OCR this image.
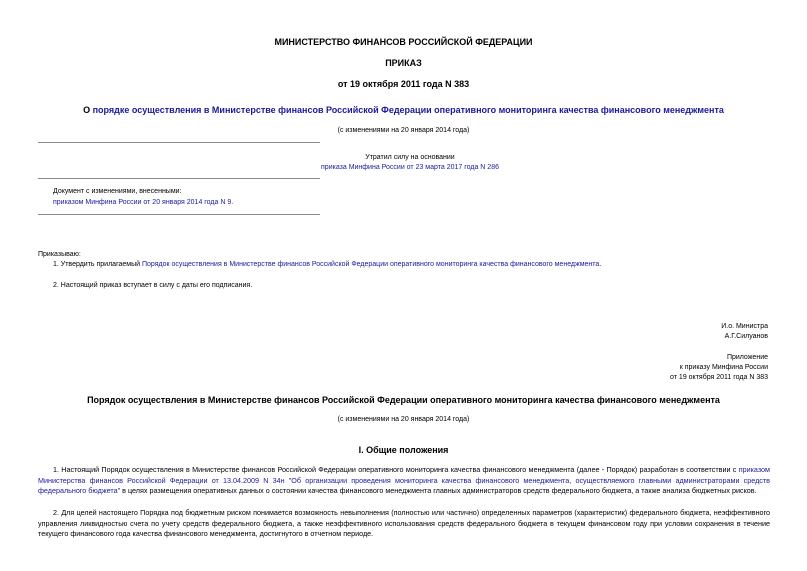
МИНИСТЕРСТВО ФИНАНСОВ РОССИЙСКОЙ ФЕДЕРАЦИИ
ПРИКАЗ
от 19 октября 2011 года N 383
О порядке осуществления в Министерстве финансов Российской Федерации оперативного мониторинга качества финансового менеджмента
(с изменениями на 20 января 2014 года)
Утратил силу на основании
приказа Минфина России от 23 марта 2017 года N 286
Документ с изменениями, внесенными:
приказом Минфина России от 20 января 2014 года N 9.
Приказываю:
1. Утвердить прилагаемый Порядок осуществления в Министерстве финансов Российской Федерации оперативного мониторинга качества финансового менеджмента.
2. Настоящий приказ вступает в силу с даты его подписания.
И.о. Министра
А.Г.Силуанов
Приложение
к приказу Минфина России
от 19 октября 2011 года N 383
Порядок осуществления в Министерстве финансов Российской Федерации оперативного мониторинга качества финансового менеджмента
(с изменениями на 20 января 2014 года)
I. Общие положения
1. Настоящий Порядок осуществления в Министерстве финансов Российской Федерации оперативного мониторинга качества финансового менеджмента (далее - Порядок) разработан в соответствии с приказом Министерства финансов Российской Федерации от 13.04.2009 N 34н "Об организации проведения мониторинга качества финансового менеджмента, осуществляемого главными администраторами средств федерального бюджета" в целях размещения оперативных данных о состоянии качества финансового менеджмента главных администраторов средств федерального бюджета, а также анализа бюджетных рисков.
2. Для целей настоящего Порядка под бюджетным риском понимается возможность невыполнения (полностью или частично) определенных параметров (характеристик) федерального бюджета, неэффективного управления ликвидностью счета по учету средств федерального бюджета, а также неэффективного использования средств федерального бюджета в текущем финансовом году при условии сохранения в течение текущего финансового года качества финансового менеджмента, достигнутого в отчетном периоде.
